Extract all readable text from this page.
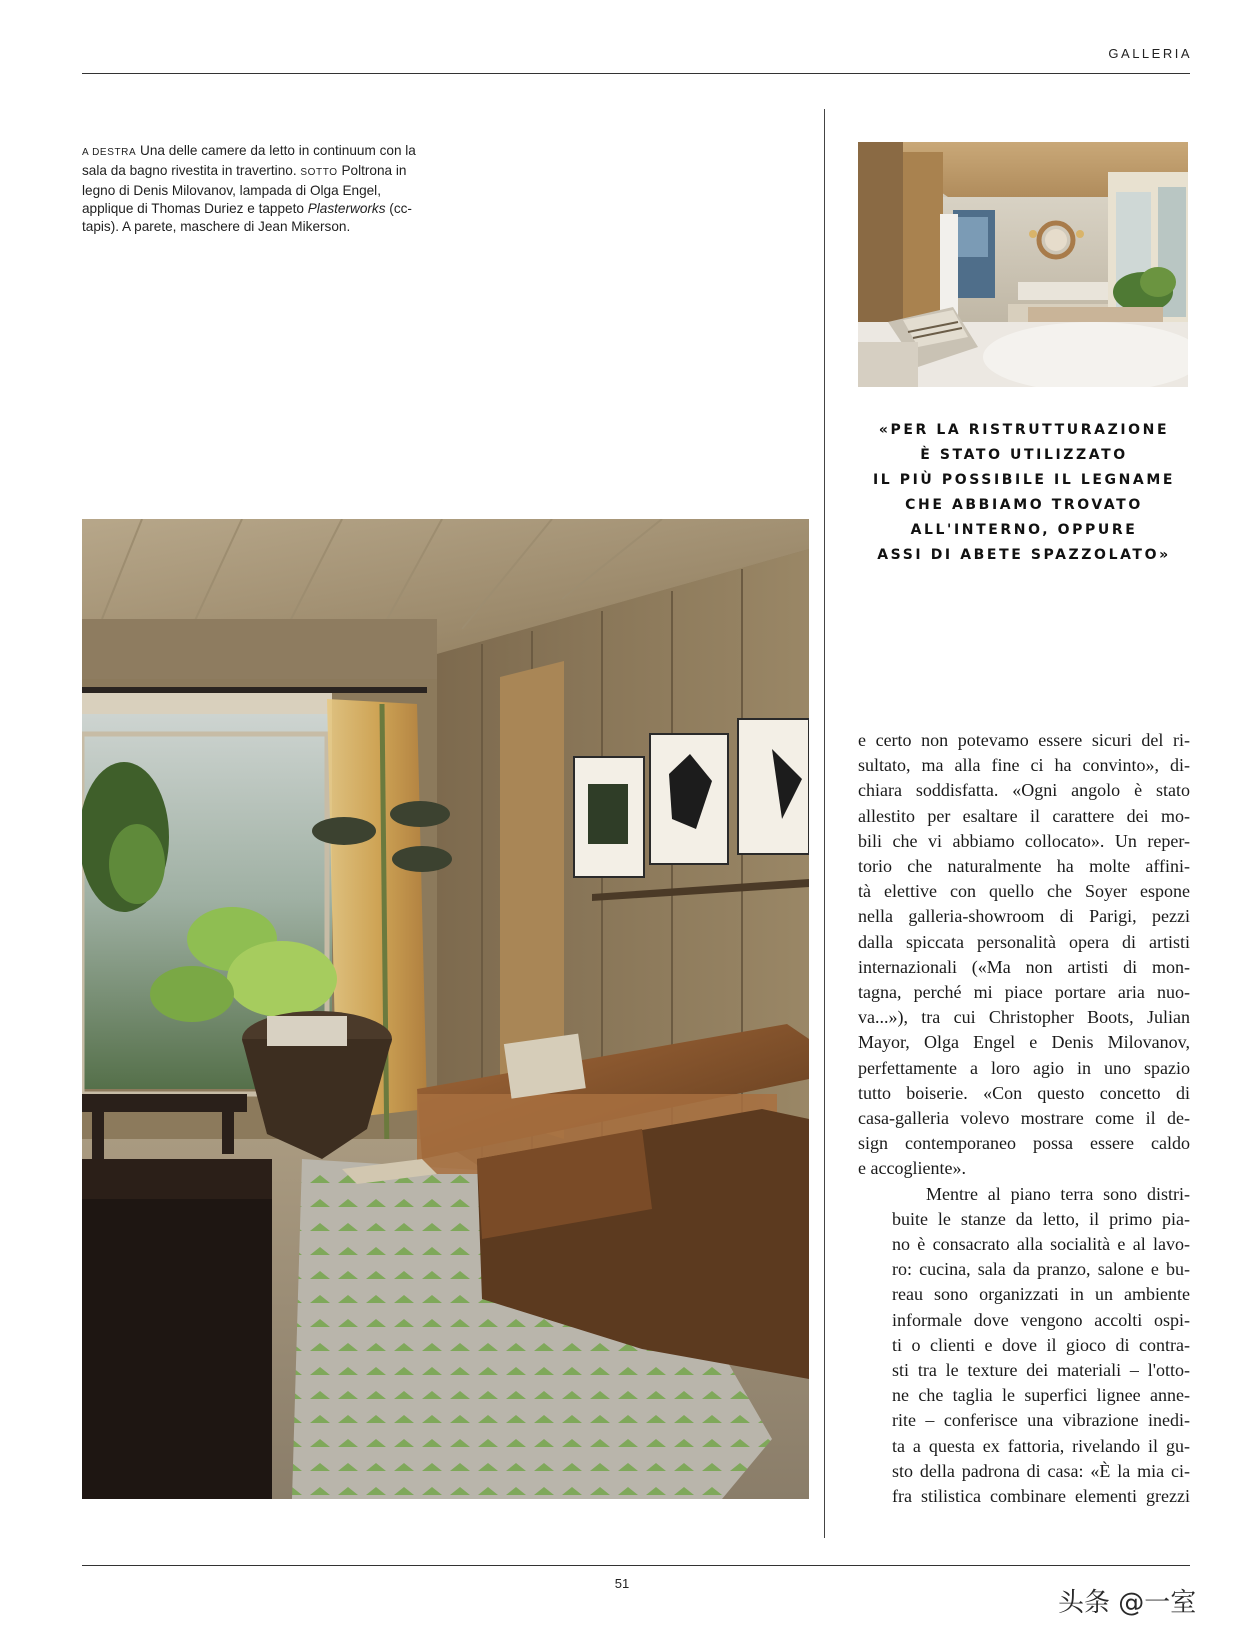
GALLERIA
A DESTRA Una delle camere da letto in continuum con la sala da bagno rivestita in travertino. SOTTO Poltrona in legno di Denis Milovanov, lampada di Olga Engel, applique di Thomas Duriez e tappeto Plasterworks (cc-tapis). A parete, maschere di Jean Mikerson.
«PER LA RISTRUTTURAZIONE
È STATO UTILIZZATO
IL PIÙ POSSIBILE IL LEGNAME
CHE ABBIAMO TROVATO
ALL'INTERNO, OPPURE
ASSI DI ABETE SPAZZOLATO»

e certo non potevamo essere sicuri del ri-
sultato, ma alla fine ci ha convinto», di-
chiara soddisfatta. «Ogni angolo è stato
allestito per esaltare il carattere dei mo-
bili che vi abbiamo collocato». Un reper-
torio che naturalmente ha molte affini-
tà elettive con quello che Soyer espone
nella galleria-showroom di Parigi, pezzi
dalla spiccata personalità opera di artisti
internazionali («Ma non artisti di mon-
tagna, perché mi piace portare aria nuo-
va...»), tra cui Christopher Boots, Julian
Mayor, Olga Engel e Denis Milovanov,
perfettamente a loro agio in uno spazio
tutto boiserie. «Con questo concetto di
casa-galleria volevo mostrare come il de-
sign contemporaneo possa essere caldo
e accogliente».

Mentre al piano terra sono distri-
buite le stanze da letto, il primo pia-
no è consacrato alla socialità e al lavo-
ro: cucina, sala da pranzo, salone e bu-
reau sono organizzati in un ambiente
informale dove vengono accolti ospi-
ti o clienti e dove il gioco di contra-
sti tra le texture dei materiali – l'otto-
ne che taglia le superfici lignee anne-
rite – conferisce una vibrazione inedi-
ta a questa ex fattoria, rivelando il gu-
sto della padrona di casa: «È la mia ci-
fra stilistica combinare elementi grezzi

51
头条 @一室
